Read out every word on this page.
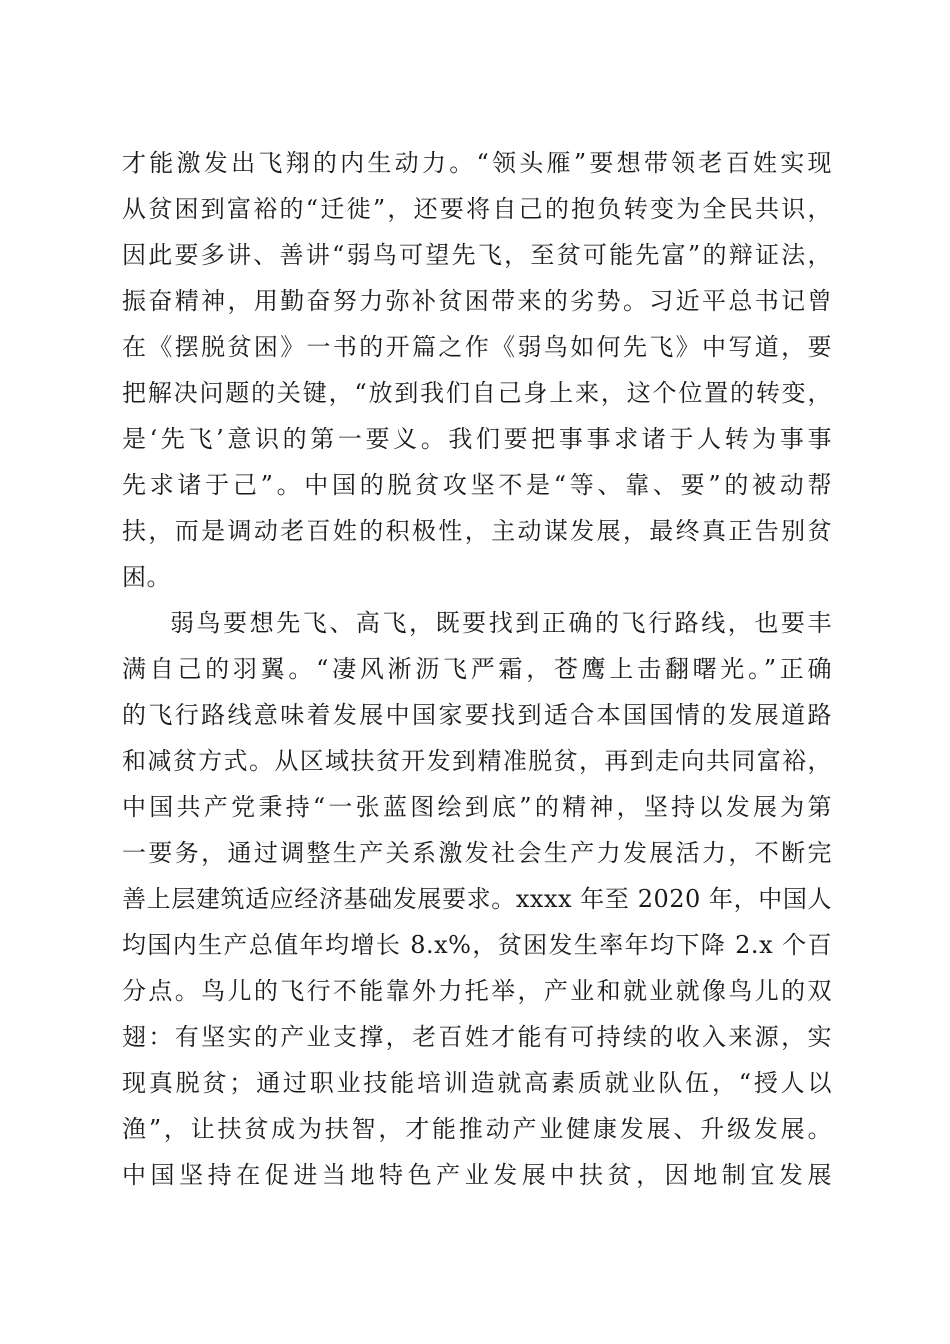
才能激发出飞翔的内生动力。“领头雁”要想带领老百姓实现
从贫困到富裕的“迁徙”，还要将自己的抱负转变为全民共识，
因此要多讲、善讲“弱鸟可望先飞，至贫可能先富”的辩证法，
振奋精神，用勤奋努力弥补贫困带来的劣势。习近平总书记曾
在《摆脱贫困》一书的开篇之作《弱鸟如何先飞》中写道，要
把解决问题的关键，“放到我们自己身上来，这个位置的转变，
是‘先飞’意识的第一要义。我们要把事事求诸于人转为事事
先求诸于己”。中国的脱贫攻坚不是“等、靠、要”的被动帮
扶，而是调动老百姓的积极性，主动谋发展，最终真正告别贫
困。
弱鸟要想先飞、高飞，既要找到正确的飞行路线，也要丰
满自己的羽翼。“凄风淅沥飞严霜，苍鹰上击翻曙光。”正确
的飞行路线意味着发展中国家要找到适合本国国情的发展道路
和减贫方式。从区域扶贫开发到精准脱贫，再到走向共同富裕，
中国共产党秉持“一张蓝图绘到底”的精神，坚持以发展为第
一要务，通过调整生产关系激发社会生产力发展活力，不断完
善上层建筑适应经济基础发展要求。xxxx 年至 2020 年，中国人
均国内生产总值年均增长 8.x%，贫困发生率年均下降 2.x 个百
分点。鸟儿的飞行不能靠外力托举，产业和就业就像鸟儿的双
翅：有坚实的产业支撑，老百姓才能有可持续的收入来源，实
现真脱贫；通过职业技能培训造就高素质就业队伍，“授人以
渔”，让扶贫成为扶智，才能推动产业健康发展、升级发展。
中国坚持在促进当地特色产业发展中扶贫，因地制宜发展
